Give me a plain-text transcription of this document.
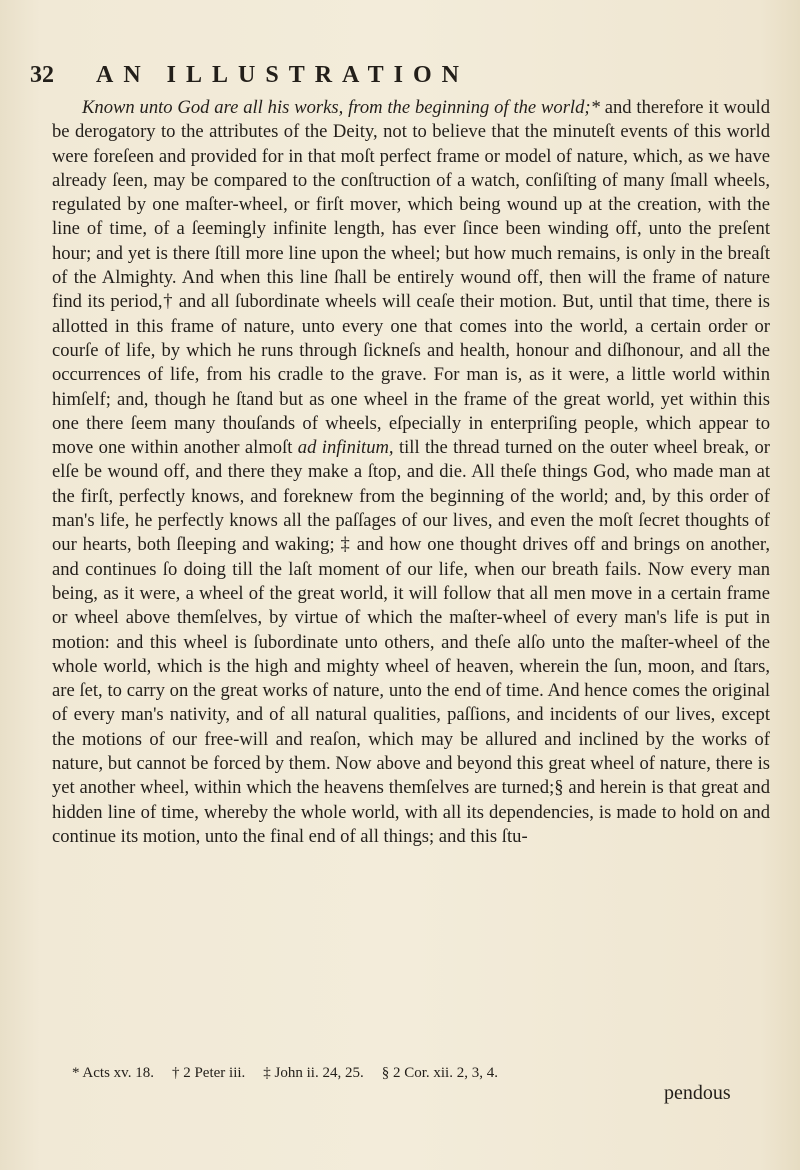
32 AN ILLUSTRATION

Known unto God are all his works, from the beginning of the world;* and therefore it would be derogatory to the attributes of the Deity, not to believe that the minuteſt events of this world were foreſeen and provided for in that moſt perfect frame or model of nature, which, as we have already ſeen, may be compared to the conſtruction of a watch, conſiſting of many ſmall wheels, regulated by one maſter-wheel, or firſt mover, which being wound up at the creation, with the line of time, of a ſeemingly infinite length, has ever ſince been winding off, unto the preſent hour; and yet is there ſtill more line upon the wheel; but how much remains, is only in the breaſt of the Almighty. And when this line ſhall be entirely wound off, then will the frame of nature find its period,† and all ſubordinate wheels will ceaſe their motion. But, until that time, there is allotted in this frame of nature, unto every one that comes into the world, a certain order or courſe of life, by which he runs through ſickneſs and health, honour and diſhonour, and all the occurrences of life, from his cradle to the grave. For man is, as it were, a little world within himſelf; and, though he ſtand but as one wheel in the frame of the great world, yet within this one there ſeem many thouſands of wheels, eſpecially in enterpriſing people, which appear to move one within another almoſt ad infinitum, till the thread turned on the outer wheel break, or elſe be wound off, and there they make a ſtop, and die. All theſe things God, who made man at the firſt, perfectly knows, and foreknew from the beginning of the world; and, by this order of man's life, he perfectly knows all the paſſages of our lives, and even the moſt ſecret thoughts of our hearts, both ſleeping and waking; ‡ and how one thought drives off and brings on another, and continues ſo doing till the laſt moment of our life, when our breath fails. Now every man being, as it were, a wheel of the great world, it will follow that all men move in a certain frame or wheel above themſelves, by virtue of which the maſter-wheel of every man's life is put in motion: and this wheel is ſubordinate unto others, and theſe alſo unto the maſter-wheel of the whole world, which is the high and mighty wheel of heaven, wherein the ſun, moon, and ſtars, are ſet, to carry on the great works of nature, unto the end of time. And hence comes the original of every man's nativity, and of all natural qualities, paſſions, and incidents of our lives, except the motions of our free-will and reaſon, which may be allured and inclined by the works of nature, but cannot be forced by them. Now above and beyond this great wheel of nature, there is yet another wheel, within which the heavens themſelves are turned;§ and herein is that great and hidden line of time, whereby the whole world, with all its dependencies, is made to hold on and continue its motion, unto the final end of all things; and this ſtu-

* Acts xv. 18. † 2 Peter iii. ‡ John ii. 24, 25. § 2 Cor. xii. 2, 3, 4.
pendous
